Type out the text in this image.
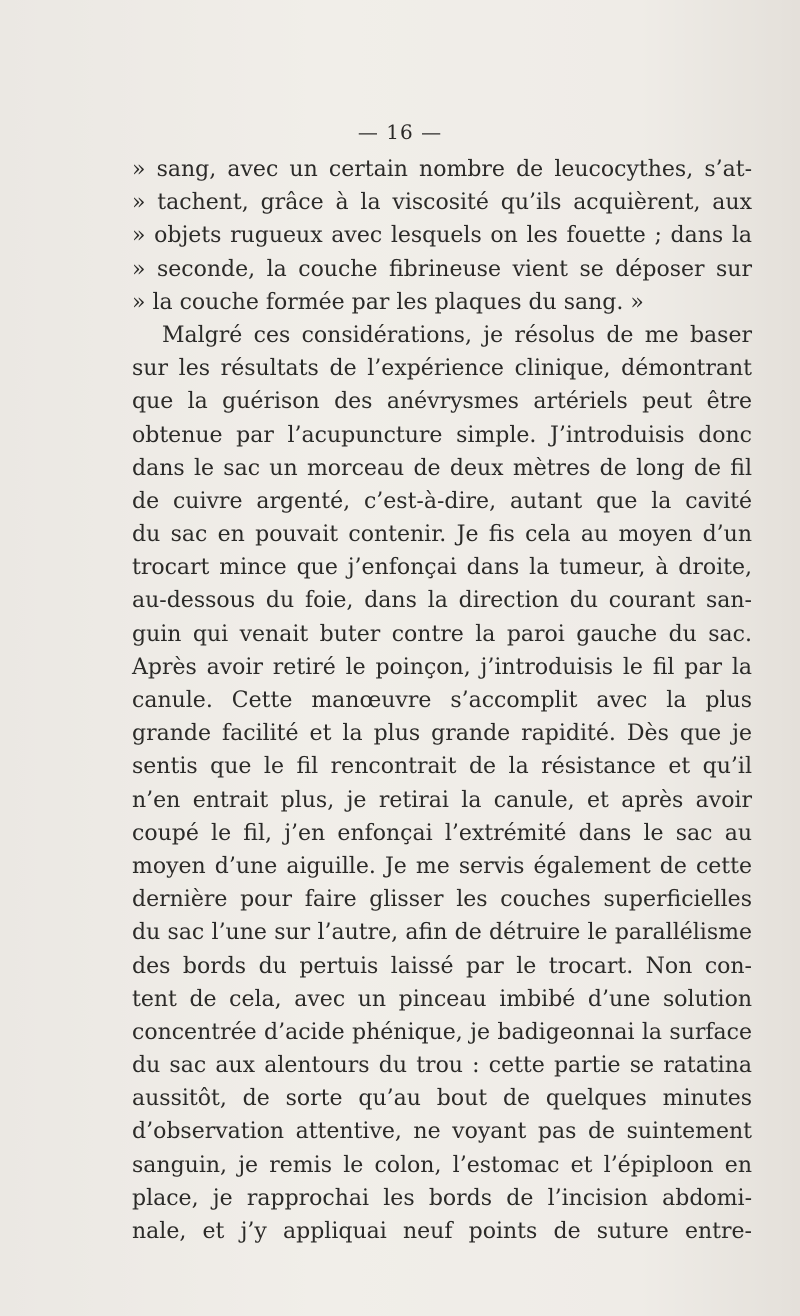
— 16 —
» sang, avec un certain nombre de leucocythes, s’at-
» tachent, grâce à la viscosité qu’ils acquièrent, aux
» objets rugueux avec lesquels on les fouette ; dans la
» seconde, la couche fibrineuse vient se déposer sur
» la couche formée par les plaques du sang. »
Malgré ces considérations, je résolus de me baser
sur les résultats de l’expérience clinique, démontrant
que la guérison des anévrysmes artériels peut être
obtenue par l’acupuncture simple. J’introduisis donc
dans le sac un morceau de deux mètres de long de fil
de cuivre argenté, c’est-à-dire, autant que la cavité
du sac en pouvait contenir. Je fis cela au moyen d’un
trocart mince que j’enfonçai dans la tumeur, à droite,
au-dessous du foie, dans la direction du courant san-
guin qui venait buter contre la paroi gauche du sac.
Après avoir retiré le poinçon, j’introduisis le fil par la
canule. Cette manœuvre s’accomplit avec la plus
grande facilité et la plus grande rapidité. Dès que je
sentis que le fil rencontrait de la résistance et qu’il
n’en entrait plus, je retirai la canule, et après avoir
coupé le fil, j’en enfonçai l’extrémité dans le sac au
moyen d’une aiguille. Je me servis également de cette
dernière pour faire glisser les couches superficielles
du sac l’une sur l’autre, afin de détruire le parallélisme
des bords du pertuis laissé par le trocart. Non con-
tent de cela, avec un pinceau imbibé d’une solution
concentrée d’acide phénique, je badigeonnai la surface
du sac aux alentours du trou : cette partie se ratatina
aussitôt, de sorte qu’au bout de quelques minutes
d’observation attentive, ne voyant pas de suintement
sanguin, je remis le colon, l’estomac et l’épiploon en
place, je rapprochai les bords de l’incision abdomi-
nale, et j’y appliquai neuf points de suture entre-
